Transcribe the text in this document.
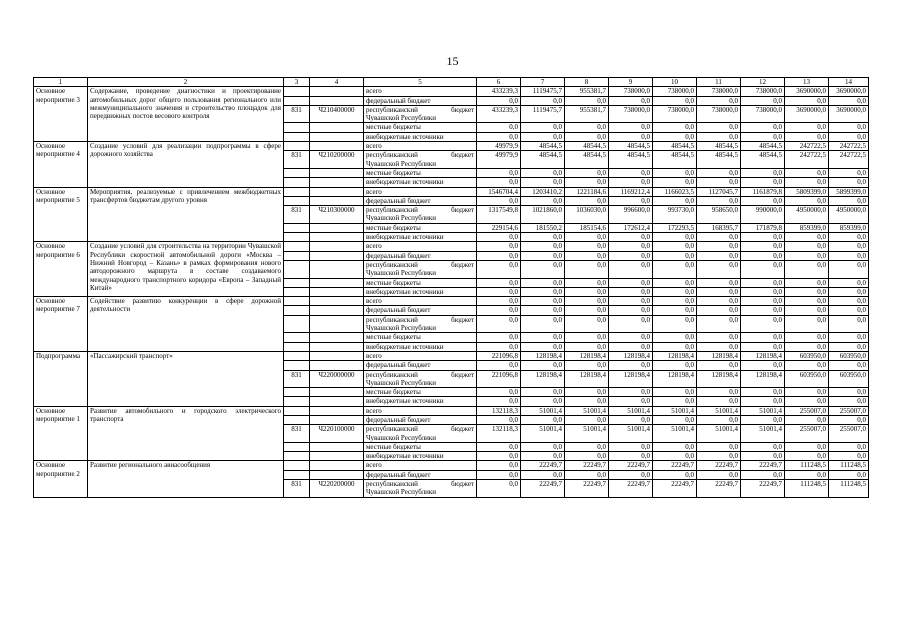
15
1	2	3	4	5	6	7	8	9	10	11	12	13	14
Основное мероприятие 3	Содержание, проведение диагностики и проектирование автомобильных дорог общего пользования регионального или межмуниципального значения и строительство площадок для передвижных постов весового контроля			всего	433239,3	1119475,7	955381,7	738000,0	738000,0	738000,0	738000,0	3690000,0	3690000,0
				федеральный бюджет	0,0	0,0	0,0	0,0	0,0	0,0	0,0	0,0	0,0
		831	Ч210400000	республиканский бюджет Чувашской Республики	433239,3	1119475,7	955381,7	738000,0	738000,0	738000,0	738000,0	3690000,0	3690000,0
				местные бюджеты	0,0	0,0	0,0	0,0	0,0	0,0	0,0	0,0	0,0
				внебюджетные источники	0,0	0,0	0,0	0,0	0,0	0,0	0,0	0,0	0,0
Основное мероприятие 4	Создание условий для реализации подпрограммы в сфере дорожного хозяйства			всего	49979,9	48544,5	48544,5	48544,5	48544,5	48544,5	48544,5	242722,5	242722,5
		831	Ч210200000	республиканский бюджет Чувашской Республики	49979,9	48544,5	48544,5	48544,5	48544,5	48544,5	48544,5	242722,5	242722,5
				местные бюджеты	0,0	0,0	0,0	0,0	0,0	0,0	0,0	0,0	0,0
				внебюджетные источники	0,0	0,0	0,0	0,0	0,0	0,0	0,0	0,0	0,0
Основное мероприятие 5	Мероприятия, реализуемые с привлечением межбюджетных трансфертов бюджетам другого уровня			всего	1546704,4	1203410,2	1221184,6	1169212,4	1166023,5	1127045,7	1161879,8	5809399,0	5899399,0
				федеральный бюджет	0,0	0,0	0,0	0,0	0,0	0,0	0,0	0,0	0,0
		831	Ч210300000	республиканский бюджет Чувашской Республики	1317549,8	1021860,0	1036030,0	996600,0	993730,0	958650,0	990000,0	4950000,0	4950000,0
				местные бюджеты	229154,6	181550,2	185154,6	172612,4	172293,5	168395,7	171879,8	859399,0	859399,0
				внебюджетные источники	0,0	0,0	0,0	0,0	0,0	0,0	0,0	0,0	0,0
Основное мероприятие 6	Создание условий для строительства на территории Чувашской Республики скоростной автомобильной дороги «Москва – Нижний Новгород – Казань» в рамках формирования нового автодорожного маршрута в составе создаваемого международного транспортного коридора «Европа – Западный Китай»			всего	0,0	0,0	0,0	0,0	0,0	0,0	0,0	0,0	0,0
				федеральный бюджет	0,0	0,0	0,0	0,0	0,0	0,0	0,0	0,0	0,0
				республиканский бюджет Чувашской Республики	0,0	0,0	0,0	0,0	0,0	0,0	0,0	0,0	0,0
				местные бюджеты	0,0	0,0	0,0	0,0	0,0	0,0	0,0	0,0	0,0
				внебюджетные источники	0,0	0,0	0,0	0,0	0,0	0,0	0,0	0,0	0,0
Основное мероприятие 7	Содействие развитию конкуренции в сфере дорожной деятельности			всего	0,0	0,0	0,0	0,0	0,0	0,0	0,0	0,0	0,0
				федеральный бюджет	0,0	0,0	0,0	0,0	0,0	0,0	0,0	0,0	0,0
				республиканский бюджет Чувашской Республики	0,0	0,0	0,0	0,0	0,0	0,0	0,0	0,0	0,0
				местные бюджеты	0,0	0,0	0,0	0,0	0,0	0,0	0,0	0,0	0,0
				внебюджетные источники	0,0	0,0	0,0	0,0	0,0	0,0	0,0	0,0	0,0
Подпрограмма	«Пассажирский транспорт»			всего	221096,8	128198,4	128198,4	128198,4	128198,4	128198,4	128198,4	603950,0	603950,0
				федеральный бюджет	0,0	0,0	0,0	0,0	0,0	0,0	0,0	0,0	0,0
		831	Ч220000000	республиканский бюджет Чувашской Республики	221096,8	128198,4	128198,4	128198,4	128198,4	128198,4	128198,4	603950,0	603950,0
				местные бюджеты	0,0	0,0	0,0	0,0	0,0	0,0	0,0	0,0	0,0
				внебюджетные источники	0,0	0,0	0,0	0,0	0,0	0,0	0,0	0,0	0,0
Основное мероприятие 1	Развитие автомобильного и городского электрического транспорта			всего	132118,3	51001,4	51001,4	51001,4	51001,4	51001,4	51001,4	255007,0	255007,0
				федеральный бюджет	0,0	0,0	0,0	0,0	0,0	0,0	0,0	0,0	0,0
		831	Ч220100000	республиканский бюджет Чувашской Республики	132118,3	51001,4	51001,4	51001,4	51001,4	51001,4	51001,4	255007,0	255007,0
				местные бюджеты	0,0	0,0	0,0	0,0	0,0	0,0	0,0	0,0	0,0
				внебюджетные источники	0,0	0,0	0,0	0,0	0,0	0,0	0,0	0,0	0,0
Основное мероприятие 2	Развитие регионального авиасообщения			всего	0,0	22249,7	22249,7	22249,7	22249,7	22249,7	22249,7	111248,5	111248,5
				федеральный бюджет	0,0	0,0	0,0	0,0	0,0	0,0	0,0	0,0	0,0
		831	Ч220200000	республиканский бюджет Чувашской Республики	0,0	22249,7	22249,7	22249,7	22249,7	22249,7	22249,7	111248,5	111248,5
